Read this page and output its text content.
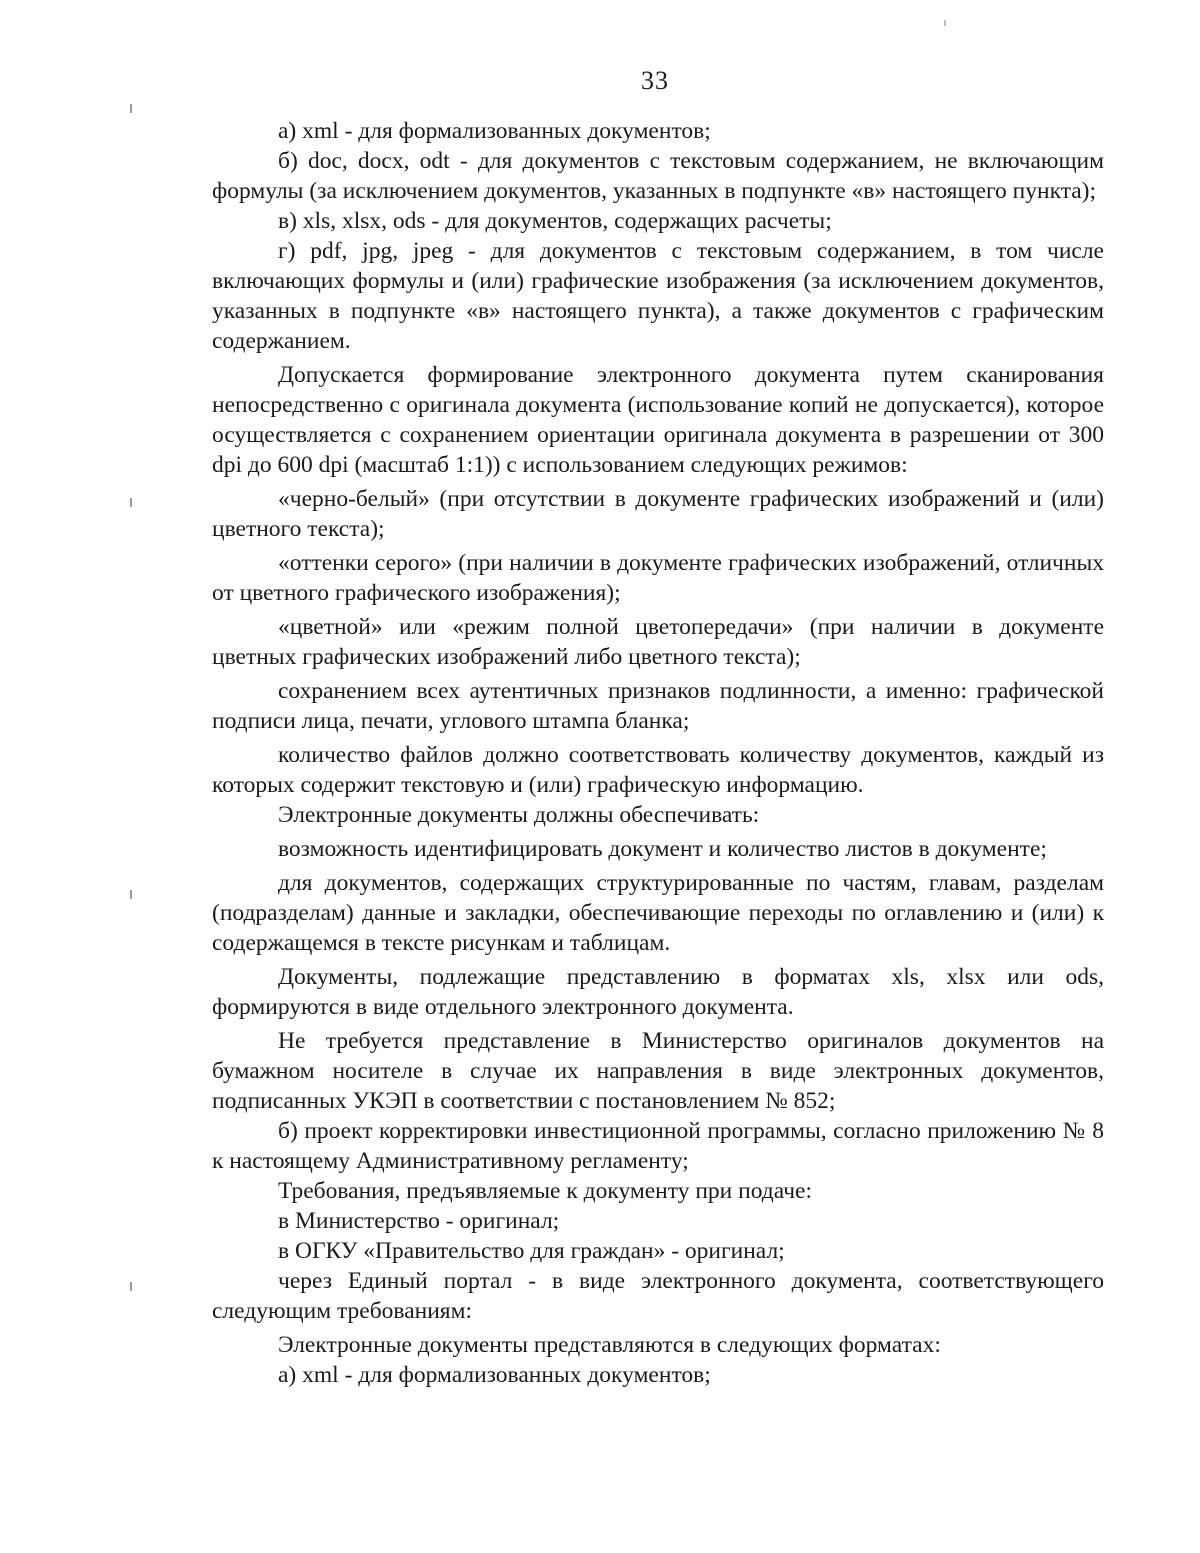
33

а) xml - для формализованных документов;

б) doc, docx, odt - для документов с текстовым содержанием, не включающим формулы (за исключением документов, указанных в подпункте «в» настоящего пункта);

в) xls, xlsx, ods - для документов, содержащих расчеты;

г) pdf, jpg, jpeg - для документов с текстовым содержанием, в том числе включающих формулы и (или) графические изображения (за исключением документов, указанных в подпункте «в» настоящего пункта), а также документов с графическим содержанием.

Допускается формирование электронного документа путем сканирования непосредственно с оригинала документа (использование копий не допускается), которое осуществляется с сохранением ориентации оригинала документа в разрешении от 300 dpi до 600 dpi (масштаб 1:1)) с использованием следующих режимов:

«черно-белый» (при отсутствии в документе графических изображений и (или) цветного текста);

«оттенки серого» (при наличии в документе графических изображений, отличных от цветного графического изображения);

«цветной» или «режим полной цветопередачи» (при наличии в документе цветных графических изображений либо цветного текста);

сохранением всех аутентичных признаков подлинности, а именно: графической подписи лица, печати, углового штампа бланка;

количество файлов должно соответствовать количеству документов, каждый из которых содержит текстовую и (или) графическую информацию.

Электронные документы должны обеспечивать:

возможность идентифицировать документ и количество листов в документе;

для документов, содержащих структурированные по частям, главам, разделам (подразделам) данные и закладки, обеспечивающие переходы по оглавлению и (или) к содержащемся в тексте рисункам и таблицам.

Документы, подлежащие представлению в форматах xls, xlsx или ods, формируются в виде отдельного электронного документа.

Не требуется представление в Министерство оригиналов документов на бумажном носителе в случае их направления в виде электронных документов, подписанных УКЭП в соответствии с постановлением № 852;

б) проект корректировки инвестиционной программы, согласно приложению № 8 к настоящему Административному регламенту;

Требования, предъявляемые к документу при подаче:

в Министерство - оригинал;

в ОГКУ «Правительство для граждан» - оригинал;

через Единый портал - в виде электронного документа, соответствующего следующим требованиям:

Электронные документы представляются в следующих форматах:

а) xml - для формализованных документов;
